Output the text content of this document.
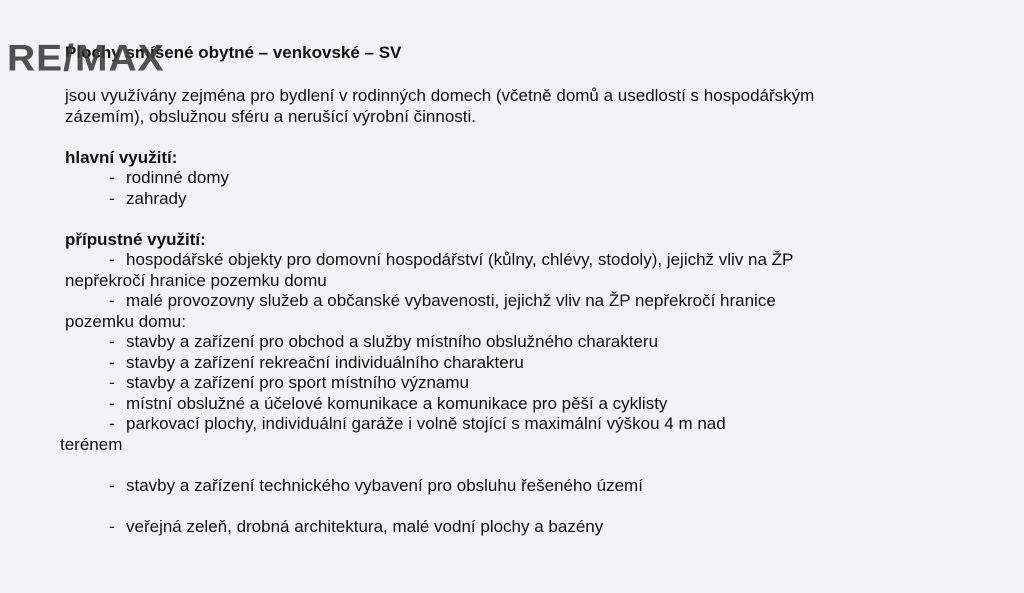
RE/MAX
Plochy smíšené obytné – venkovské – SV

jsou využívány zejména pro bydlení v rodinných domech (včetně domů a usedlostí s hospodářským

zázemím), obslužnou sféru a nerušící výrobní činnosti.

hlavní využití:

- rodinné domy

- zahrady

přípustné využití:

- hospodářské objekty pro domovní hospodářství (kůlny, chlévy, stodoly), jejichž vliv na ŽP

nepřekročí hranice pozemku domu

- malé provozovny služeb a občanské vybavenosti, jejichž vliv na ŽP nepřekročí hranice

pozemku domu:

- stavby a zařízení pro obchod a služby místního obslužného charakteru

- stavby a zařízení rekreační individuálního charakteru

- stavby a zařízení pro sport místního významu

- místní obslužné a účelové komunikace a komunikace pro pěší a cyklisty

- parkovací plochy, individuální garáže i volně stojící s maximální výškou 4 m nad

terénem

- stavby a zařízení technického vybavení pro obsluhu řešeného území

- veřejná zeleň, drobná architektura, malé vodní plochy a bazény
